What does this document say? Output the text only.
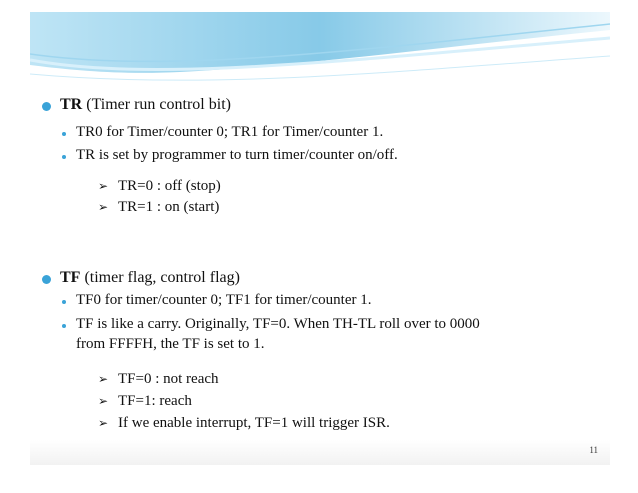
TR (Timer run control bit)
TR0 for Timer/counter 0; TR1 for Timer/counter 1.
TR is set by programmer to turn timer/counter on/off.
➢ TR=0 : off (stop)
➢ TR=1 : on (start)
TF (timer flag, control flag)
TF0 for timer/counter 0; TF1 for timer/counter 1.
TF is like a carry. Originally, TF=0. When TH-TL roll over to 0000
from FFFFH, the TF is set to 1.
➢ TF=0 : not reach
➢ TF=1: reach
➢ If we enable interrupt, TF=1 will trigger ISR.
11
